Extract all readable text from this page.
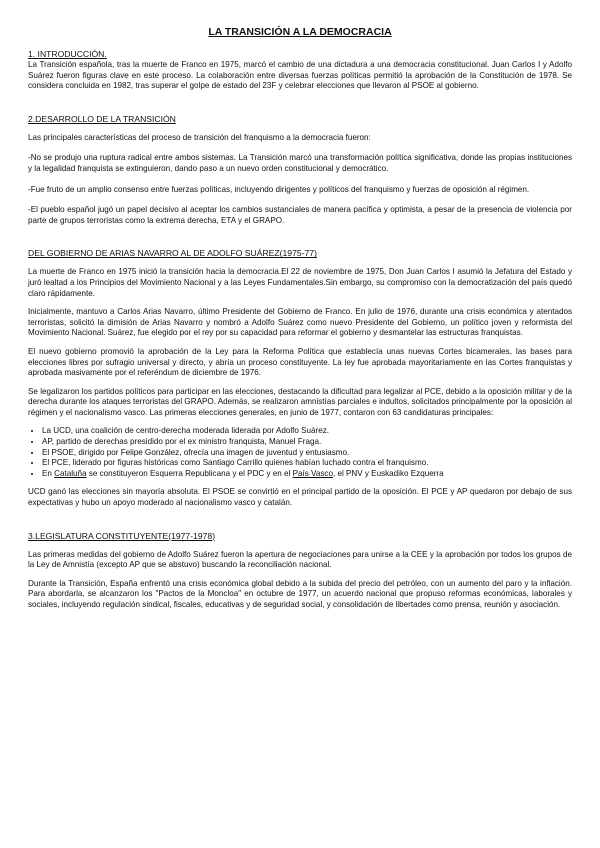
LA TRANSICIÓN A LA DEMOCRACIA
1. INTRODUCCIÓN.

La Transición española, tras la muerte de Franco en 1975, marcó el cambio de una dictadura a una democracia constitucional. Juan Carlos I y Adolfo Suárez fueron figuras clave en este proceso. La colaboración entre diversas fuerzas políticas permitió la aprobación de la Constitución de 1978. Se considera concluida en 1982, tras superar el golpe de estado del 23F y celebrar elecciones que llevaron al PSOE al gobierno.

2.DESARROLLO DE LA TRANSICIÓN

Las principales características del proceso de transición del franquismo a la democracia fueron:

-No se produjo una ruptura radical entre ambos sistemas. La Transición marcó una transformación política significativa, donde las propias instituciones y la legalidad franquista se extinguieron, dando paso a un nuevo orden constitucional y democrático.

-Fue fruto de un amplio consenso entre fuerzas políticas, incluyendo dirigentes y políticos del franquismo y fuerzas de oposición al régimen.

-El pueblo español jugó un papel decisivo al aceptar los cambios sustanciales de manera pacífica y optimista, a pesar de la presencia de violencia por parte de grupos terroristas como la extrema derecha, ETA y el GRAPO.

DEL GOBIERNO DE ARIAS NAVARRO AL DE ADOLFO SUÁREZ(1975-77)

La muerte de Franco en 1975 inició la transición hacia la democracia.El 22 de noviembre de 1975, Don Juan Carlos I asumió la Jefatura del Estado y juró lealtad a los Principios del Movimiento Nacional y a las Leyes Fundamentales.Sin embargo, su compromiso con la democratización del país quedó claro rápidamente.

Inicialmente, mantuvo a Carlos Arias Navarro, último Presidente del Gobierno de Franco. En julio de 1976, durante una crisis económica y atentados terroristas, solicitó la dimisión de Arias Navarro y nombró a Adolfo Suárez como nuevo Presidente del Gobierno, un político joven y reformista del Movimiento Nacional. Suárez, fue elegido por el rey por su capacidad para reformar el gobierno y desmantelar las estructuras franquistas.

El nuevo gobierno promovió la aprobación de la Ley para la Reforma Política que establecía unas nuevas Cortes bicamerales, las bases para elecciones libres por sufragio universal y directo, y abría un proceso constituyente. La ley fue aprobada mayoritariamente en las Cortes franquistas y aprobada masivamente por el referéndum de diciembre de 1976.

Se legalizaron los partidos políticos para participar en las elecciones, destacando la dificultad para legalizar al PCE, debido a la oposición militar y de la derecha durante los ataques terroristas del GRAPO. Además, se realizaron amnistías parciales e indultos, solicitados principalmente por la oposición al régimen y el nacionalismo vasco. Las primeras elecciones generales, en junio de 1977, contaron con 63 candidaturas principales:

• La UCD, una coalición de centro-derecha moderada liderada por Adolfo Suárez.
• AP, partido de derechas presidido por el ex ministro franquista, Manuel Fraga.
• El PSOE, dirigido por Felipe González, ofrecía una imagen de juventud y entusiasmo.
• El PCE, liderado por figuras históricas como Santiago Carrillo quienes habían luchado contra el franquismo.
• En Cataluña se constituyeron Esquerra Republicana y el PDC y en el País Vasco, el PNV y Euskadiko Ezquerra

UCD ganó las elecciones sin mayoría absoluta. El PSOE se convirtió en el principal partido de la oposición. El PCE y AP quedaron por debajo de sus expectativas y hubo un apoyo moderado al nacionalismo vasco y catalán.

3.LEGISLATURA CONSTITUYENTE(1977-1978)

Las primeras medidas del gobierno de Adolfo Suárez fueron la apertura de negociaciones para unirse a la CEE y la aprobación por todos los grupos de la Ley de Amnistía (excepto AP que se abstuvo) buscando la reconciliación nacional.

Durante la Transición, España enfrentó una crisis económica global debido a la subida del precio del petróleo, con un aumento del paro y la inflación. Para abordarla, se alcanzaron los "Pactos de la Moncloa" en octubre de 1977, un acuerdo nacional que propuso reformas económicas, laborales y sociales, incluyendo regulación sindical, fiscales, educativas y de seguridad social, y consolidación de libertades como prensa, reunión y asociación.
